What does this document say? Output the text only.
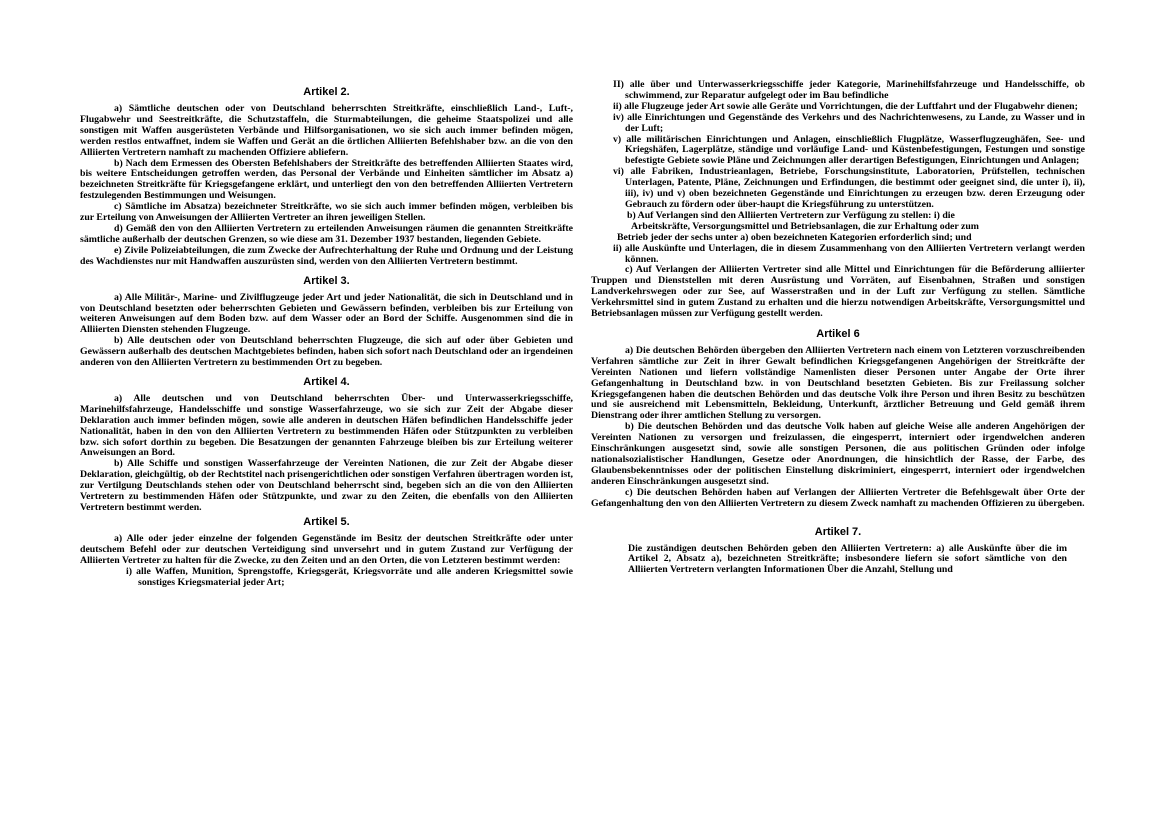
Artikel 2.

a) Sämtliche deutschen oder von Deutschland beherrschten Streitkräfte, einschließlich Land-, Luft-, Flugabwehr und Seestreitkräfte, die Schutzstaffeln, die Sturmabteilungen, die geheime Staatspolizei und alle sonstigen mit Waffen ausgerüsteten Verbände und Hilfsorganisationen, wo sie sich auch immer befinden mögen, werden restlos entwaffnet, indem sie Waffen und Gerät an die örtlichen Alliierten Befehlshaber bzw. an die von den Alliierten Vertretern namhaft zu machenden Offiziere abliefern.

b) Nach dem Ermessen des Obersten Befehlshabers der Streitkräfte des betreffenden Alliierten Staates wird, bis weitere Entscheidungen getroffen werden, das Personal der Verbände und Einheiten sämtlicher im Absatz a) bezeichneten Streitkräfte für Kriegsgefangene erklärt, und unterliegt den von den betreffenden Alliierten Vertretern festzulegenden Bestimmungen und Weisungen.

c) Sämtliche im Absatza) bezeichneter Streitkräfte, wo sie sich auch immer befinden mögen, verbleiben bis zur Erteilung von Anweisungen der Alliierten Vertreter an ihren jeweiligen Stellen.

d) Gemäß den von den Alliierten Vertretern zu erteilenden Anweisungen räumen die genannten Streitkräfte sämtliche außerhalb der deutschen Grenzen, so wie diese am 31. Dezember 1937 bestanden, liegenden Gebiete.

e) Zivile Polizeiabteilungen, die zum Zwecke der Aufrechterhaltung der Ruhe und Ordnung und der Leistung des Wachdienstes nur mit Handwaffen auszurüsten sind, werden von den Alliierten Vertretern bestimmt.

Artikel 3.

a) Alle Militär-, Marine- und Zivilflugzeuge jeder Art und jeder Nationalität, die sich in Deutschland und in von Deutschland besetzten oder beherrschten Gebieten und Gewässern befinden, verbleiben bis zur Erteilung von weiteren Anweisungen auf dem Boden bzw. auf dem Wasser oder an Bord der Schiffe. Ausgenommen sind die in Alliierten Diensten stehenden Flugzeuge.

b) Alle deutschen oder von Deutschland beherrschten Flugzeuge, die sich auf oder über Gebieten und Gewässern außerhalb des deutschen Machtgebietes befinden, haben sich sofort nach Deutschland oder an irgendeinen anderen von den Alliierten Vertretern zu bestimmenden Ort zu begeben.

Artikel 4.

a) Alle deutschen und von Deutschland beherrschten Über- und Unterwasserkriegsschiffe, Marinehilfsfahrzeuge, Handelsschiffe und sonstige Wasserfahrzeuge, wo sie sich zur Zeit der Abgabe dieser Deklaration auch immer befinden mögen, sowie alle anderen in deutschen Häfen befindlichen Handelsschiffe jeder Nationalität, haben in den von den Alliierten Vertretern zu bestimmenden Häfen oder Stützpunkten zu verbleiben bzw. sich sofort dorthin zu begeben. Die Besatzungen der genannten Fahrzeuge bleiben bis zur Erteilung weiterer Anweisungen an Bord.

b) Alle Schiffe und sonstigen Wasserfahrzeuge der Vereinten Nationen, die zur Zeit der Abgabe dieser Deklaration, gleichgültig, ob der Rechtstitel nach prisengerichtlichen oder sonstigen Verfahren übertragen worden ist, zur Vertilgung Deutschlands stehen oder von Deutschland beherrscht sind, begeben sich an die von den Alliierten Vertretern zu bestimmenden Häfen oder Stützpunkte, und zwar zu den Zeiten, die ebenfalls von den Alliierten Vertretern bestimmt werden.

Artikel 5.

a) Alle oder jeder einzelne der folgenden Gegenstände im Besitz der deutschen Streitkräfte oder unter deutschem Befehl oder zur deutschen Verteidigung sind unversehrt und in gutem Zustand zur Verfügung der Alliierten Vertreter zu halten für die Zwecke, zu den Zeiten und an den Orten, die von Letzteren bestimmt werden:

i) alle Waffen, Munition, Sprengstoffe, Kriegsgerät, Kriegsvorräte und alle anderen Kriegsmittel sowie sonstiges Kriegsmaterial jeder Art;

II) alle über und Unterwasserkriegsschiffe jeder Kategorie, Marinehilfsfahrzeuge und Handelsschiffe, ob schwimmend, zur Reparatur aufgelegt oder im Bau befindliche

ii) alle Flugzeuge jeder Art sowie alle Geräte und Vorrichtungen, die der Luftfahrt und der Flugabwehr dienen;

iv) alle Einrichtungen und Gegenstände des Verkehrs und des Nachrichtenwesens, zu Lande, zu Wasser und in der Luft;

v) alle militärischen Einrichtungen und Anlagen, einschließlich Flugplätze, Wasserflugzeughäfen, See- und Kriegshäfen, Lagerplätze, ständige und vorläufige Land- und Küstenbefestigungen, Festungen und sonstige befestigte Gebiete sowie Pläne und Zeichnungen aller derartigen Befestigungen, Einrichtungen und Anlagen;

vi) alle Fabriken, Industrieanlagen, Betriebe, Forschungsinstitute, Laboratorien, Prüfstellen, technischen Unterlagen, Patente, Pläne, Zeichnungen und Erfindungen, die bestimmt oder geeignet sind, die unter i), ii), iii), iv) und v) oben bezeichneten Gegenstände und Einrichtungen zu erzeugen bzw. deren Erzeugung oder Gebrauch zu fördern oder über-haupt die Kriegsführung zu unterstützen.

b) Auf Verlangen sind den Alliierten Vertretern zur Verfügung zu stellen: i) die

Arbeitskräfte, Versorgungsmittel und Betriebsanlagen, die zur Erhaltung oder zum

Betrieb jeder der sechs unter a) oben bezeichneten Kategorien erforderlich sind; und

ii) alle Auskünfte und Unterlagen, die in diesem Zusammenhang von den Alliierten Vertretern verlangt werden können.

c) Auf Verlangen der Alliierten Vertreter sind alle Mittel und Einrichtungen für die Beförderung alliierter Truppen und Dienststellen mit deren Ausrüstung und Vorräten, auf Eisenbahnen, Straßen und sonstigen Landverkehrswegen oder zur See, auf Wasserstraßen und in der Luft zur Verfügung zu stellen. Sämtliche Verkehrsmittel sind in gutem Zustand zu erhalten und die hierzu notwendigen Arbeitskräfte, Versorgungsmittel und Betriebsanlagen müssen zur Verfügung gestellt werden.

Artikel 6

a) Die deutschen Behörden übergeben den Alliierten Vertretern nach einem von Letzteren vorzuschreibenden Verfahren sämtliche zur Zeit in ihrer Gewalt befindlichen Kriegsgefangenen Angehörigen der Streitkräfte der Vereinten Nationen und liefern vollständige Namenlisten dieser Personen unter Angabe der Orte ihrer Gefangenhaltung in Deutschland bzw. in von Deutschland besetzten Gebieten. Bis zur Freilassung solcher Kriegsgefangenen haben die deutschen Behörden und das deutsche Volk ihre Person und ihren Besitz zu beschützen und sie ausreichend mit Lebensmitteln, Bekleidung, Unterkunft, ärztlicher Betreuung und Geld gemäß ihrem Dienstrang oder ihrer amtlichen Stellung zu versorgen.

b) Die deutschen Behörden und das deutsche Volk haben auf gleiche Weise alle anderen Angehörigen der Vereinten Nationen zu versorgen und freizulassen, die eingesperrt, interniert oder irgendwelchen anderen Einschränkungen ausgesetzt sind, sowie alle sonstigen Personen, die aus politischen Gründen oder infolge nationalsozialistischer Handlungen, Gesetze oder Anordnungen, die hinsichtlich der Rasse, der Farbe, des Glaubensbekenntnisses oder der politischen Einstellung diskriminiert, eingesperrt, interniert oder irgendwelchen anderen Einschränkungen ausgesetzt sind.

c) Die deutschen Behörden haben auf Verlangen der Alliierten Vertreter die Befehlsgewalt über Orte der Gefangenhaltung den von den Alliierten Vertretern zu diesem Zweck namhaft zu machenden Offizieren zu übergeben.

Artikel 7.

Die zuständigen deutschen Behörden geben den Alliierten Vertretern: a) alle Auskünfte über die im Artikel 2, Absatz a), bezeichneten Streitkräfte; insbesondere liefern sie sofort sämtliche von den Alliierten Vertretern verlangten Informationen Über die Anzahl, Stellung und
